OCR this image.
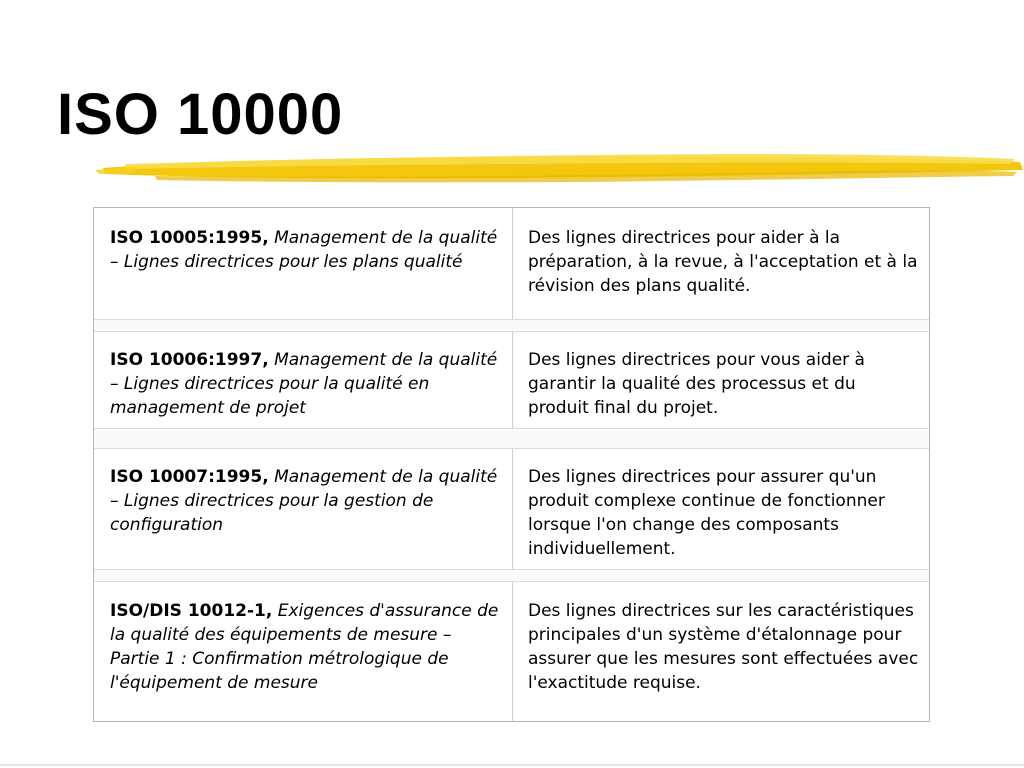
ISO 10000
ISO 10005:1995, Management de la qualité – Lignes directrices pour les plans qualité
Des lignes directrices pour aider à la préparation, à la revue, à l'acceptation et à la révision des plans qualité.
ISO 10006:1997, Management de la qualité – Lignes directrices pour la qualité en management de projet
Des lignes directrices pour vous aider à garantir la qualité des processus et du produit final du projet.
ISO 10007:1995, Management de la qualité – Lignes directrices pour la gestion de configuration
Des lignes directrices pour assurer qu'un produit complexe continue de fonctionner lorsque l'on change des composants individuellement.
ISO/DIS 10012-1, Exigences d'assurance de la qualité des équipements de mesure – Partie 1 : Confirmation métrologique de l'équipement de mesure
Des lignes directrices sur les caractéristiques principales d'un système d'étalonnage pour assurer que les mesures sont effectuées avec l'exactitude requise.
